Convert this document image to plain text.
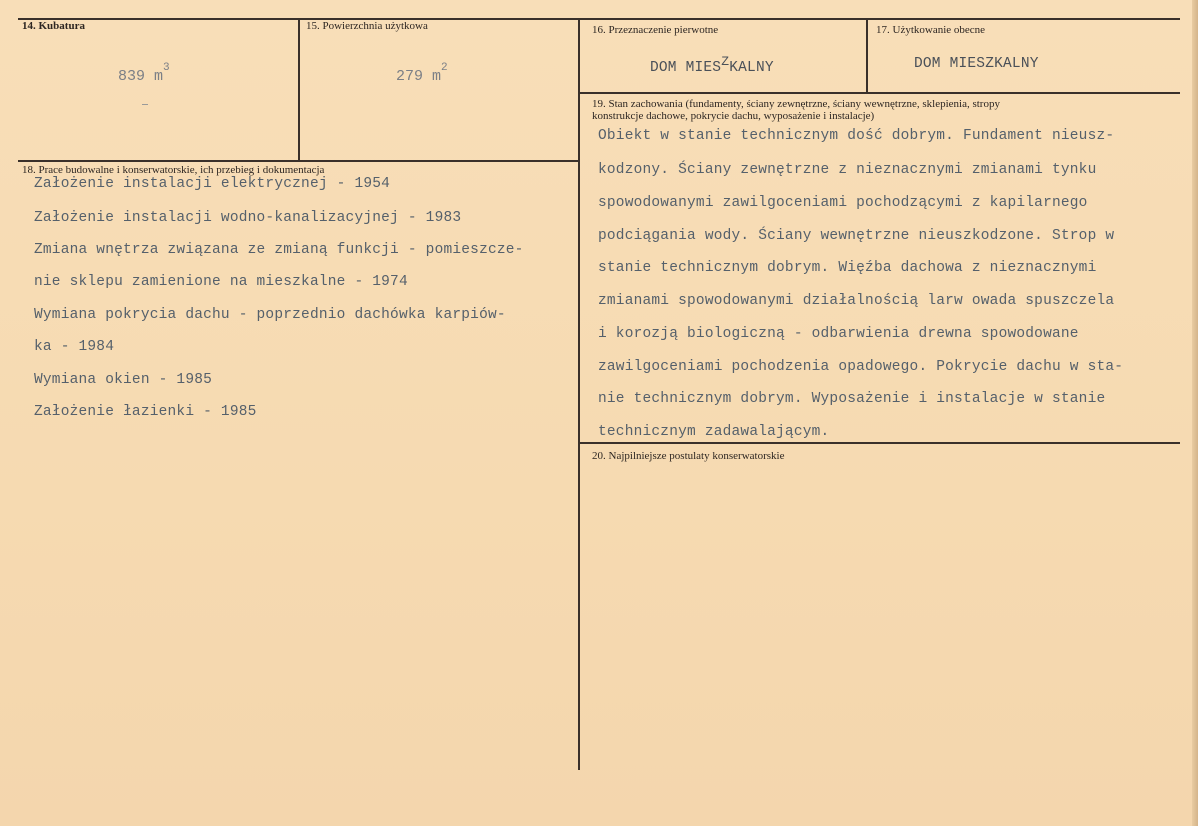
14. Kubatura
839 $m^3$
15. Powierzchnia użytkowa
279 $m^2$
16. Przeznaczenie pierwotne
DOM $MIES^ZKALNY$
17. Użytkowanie obecne
DOM MIESZKALNY
18. Prace budowalne i konserwatorskie, ich przebieg i dokumentacja
Założenie instalacji elektrycznej - 1954
Założenie instalacji wodno-kanalizacyjnej - 1983
Zmiana wnętrza związana ze zmianą funkcji - pomieszcze-
nie sklepu zamienione na mieszkalne - 1974
Wymiana pokrycia dachu - poprzednio dachówka karpiów-
ka - 1984
Wymiana okien - 1985
Założenie łazienki - 1985
19. Stan zachowania (fundamenty, ściany zewnętrzne, ściany wewnętrzne, sklepienia, stropy
konstrukcje dachowe, pokrycie dachu, wyposażenie i instalacje)
Obiekt w stanie technicznym dość dobrym. Fundament nieusz-
kodzony. Ściany zewnętrzne z nieznacznymi zmianami tynku
spowodowanymi zawilgoceniami pochodzącymi z kapilarnego
podciągania wody. Ściany wewnętrzne nieuszkodzone. Strop w
stanie technicznym dobrym. Więźba dachowa z nieznacznymi
zmianami spowodowanymi działalnością larw owada spuszczela
i korozją biologiczną - odbarwienia drewna spowodowane
zawilgoceniami pochodzenia opadowego. Pokrycie dachu w sta-
nie technicznym dobrym. Wyposażenie i instalacje w stanie
technicznym zadawalającym.
20. Najpilniejsze postulaty konserwatorskie
